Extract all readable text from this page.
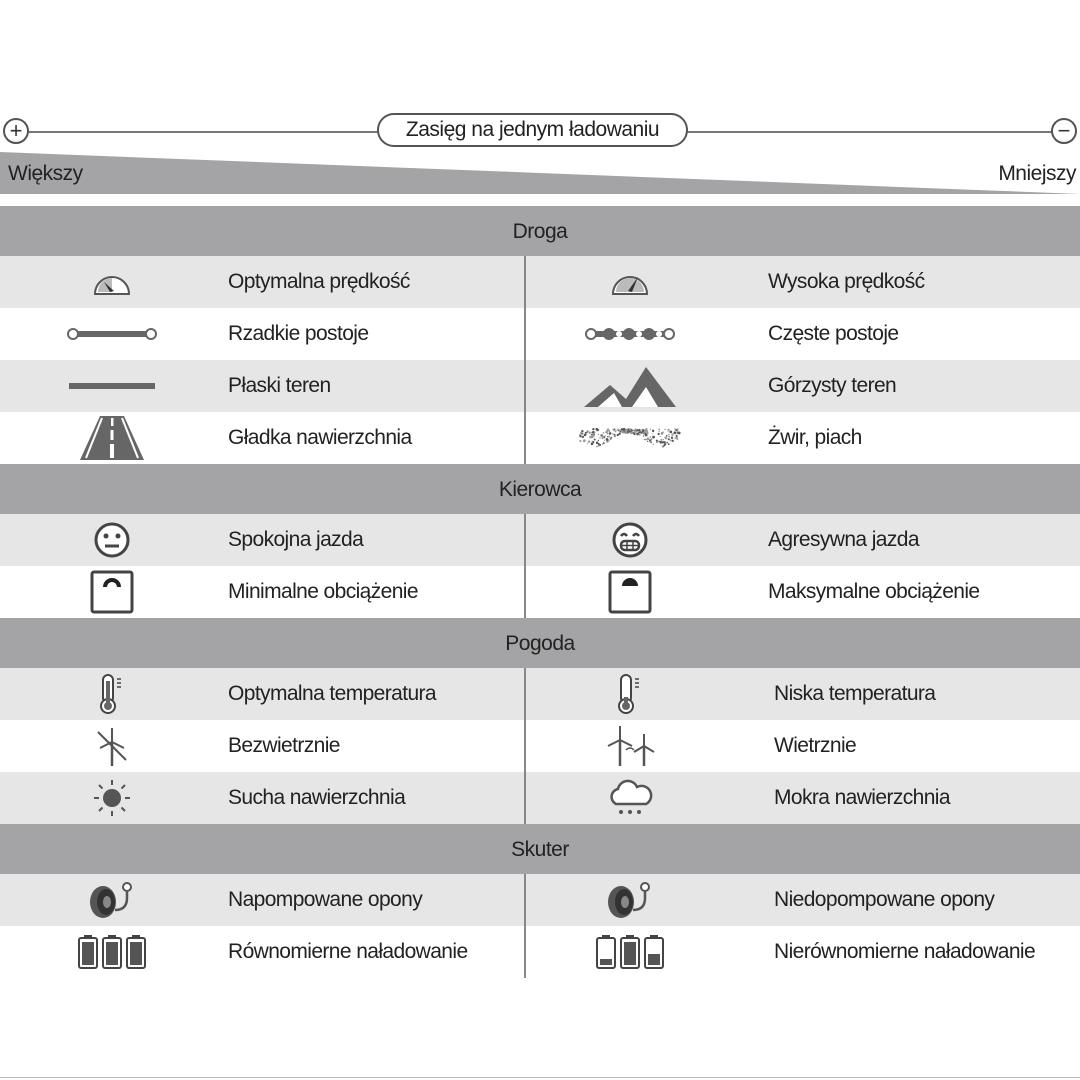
+	Zasięg na jednym ładowaniu	−
Większy	Mniejszy
Droga
Optymalna prędkość	Wysoka prędkość
Rzadkie postoje	Częste postoje
Płaski teren	Górzysty teren
Gładka nawierzchnia	Żwir, piach
Kierowca
Spokojna jazda	Agresywna jazda
Minimalne obciążenie	Maksymalne obciążenie
Pogoda
Optymalna temperatura	Niska temperatura
Bezwietrznie	Wietrznie
Sucha nawierzchnia	Mokra nawierzchnia
Skuter
Napompowane opony	Niedopompowane opony
Równomierne naładowanie	Nierównomierne naładowanie
